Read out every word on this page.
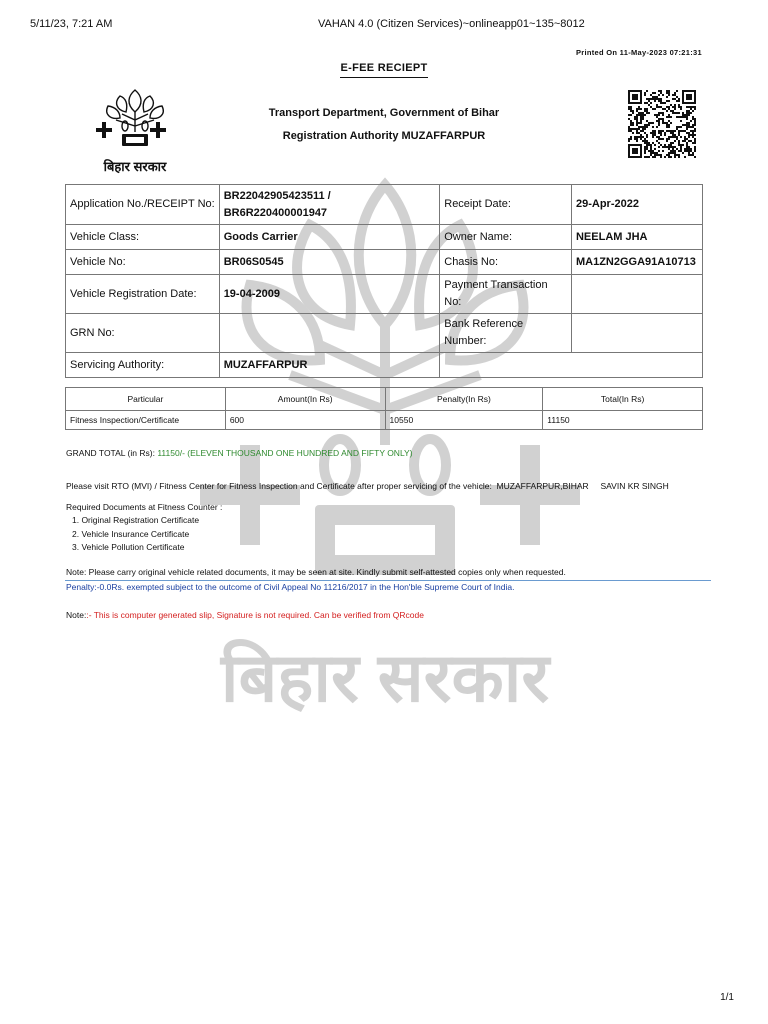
5/11/23, 7:21 AM	VAHAN 4.0 (Citizen Services)~onlineapp01~135~8012
Printed On 11-May-2023 07:21:31
E-FEE RECIEPT
बिहार सरकार
Transport Department, Government of Bihar
Registration Authority MUZAFFARPUR
बिहार सरकार
Application No./RECEIPT No:	BR22042905423511 /
BR6R220400001947	Receipt Date:	29-Apr-2022
Vehicle Class:	Goods Carrier	Owner Name:	NEELAM JHA
Vehicle No:	BR06S0545	Chasis No:	MA1ZN2GGA91A10713
Vehicle Registration Date:	19-04-2009	Payment Transaction No:	
GRN No:		Bank Reference Number:	
Servicing Authority:	MUZAFFARPUR		
Particular	Amount(In Rs)	Penalty(In Rs)	Total(In Rs)
Fitness Inspection/Certificate	600	10550	11150
GRAND TOTAL (in Rs): 11150/- (ELEVEN THOUSAND ONE HUNDRED AND FIFTY ONLY)
Please visit RTO (MVI) / Fitness Center for Fitness Inspection and Certificate after proper servicing of the vehicle: MUZAFFARPUR,BIHAR SAVIN KR SINGH
Required Documents at Fitness Counter :
1. Original Registration Certificate
2. Vehicle Insurance Certificate
3. Vehicle Pollution Certificate
Note: Please carry original vehicle related documents, it may be seen at site. Kindly submit self-attested copies only when requested.
Penalty:-0.0Rs. exempted subject to the outcome of Civil Appeal No 11216/2017 in the Hon'ble Supreme Court of India.
Note::- This is computer generated slip, Signature is not required. Can be verified from QRcode
1/1
